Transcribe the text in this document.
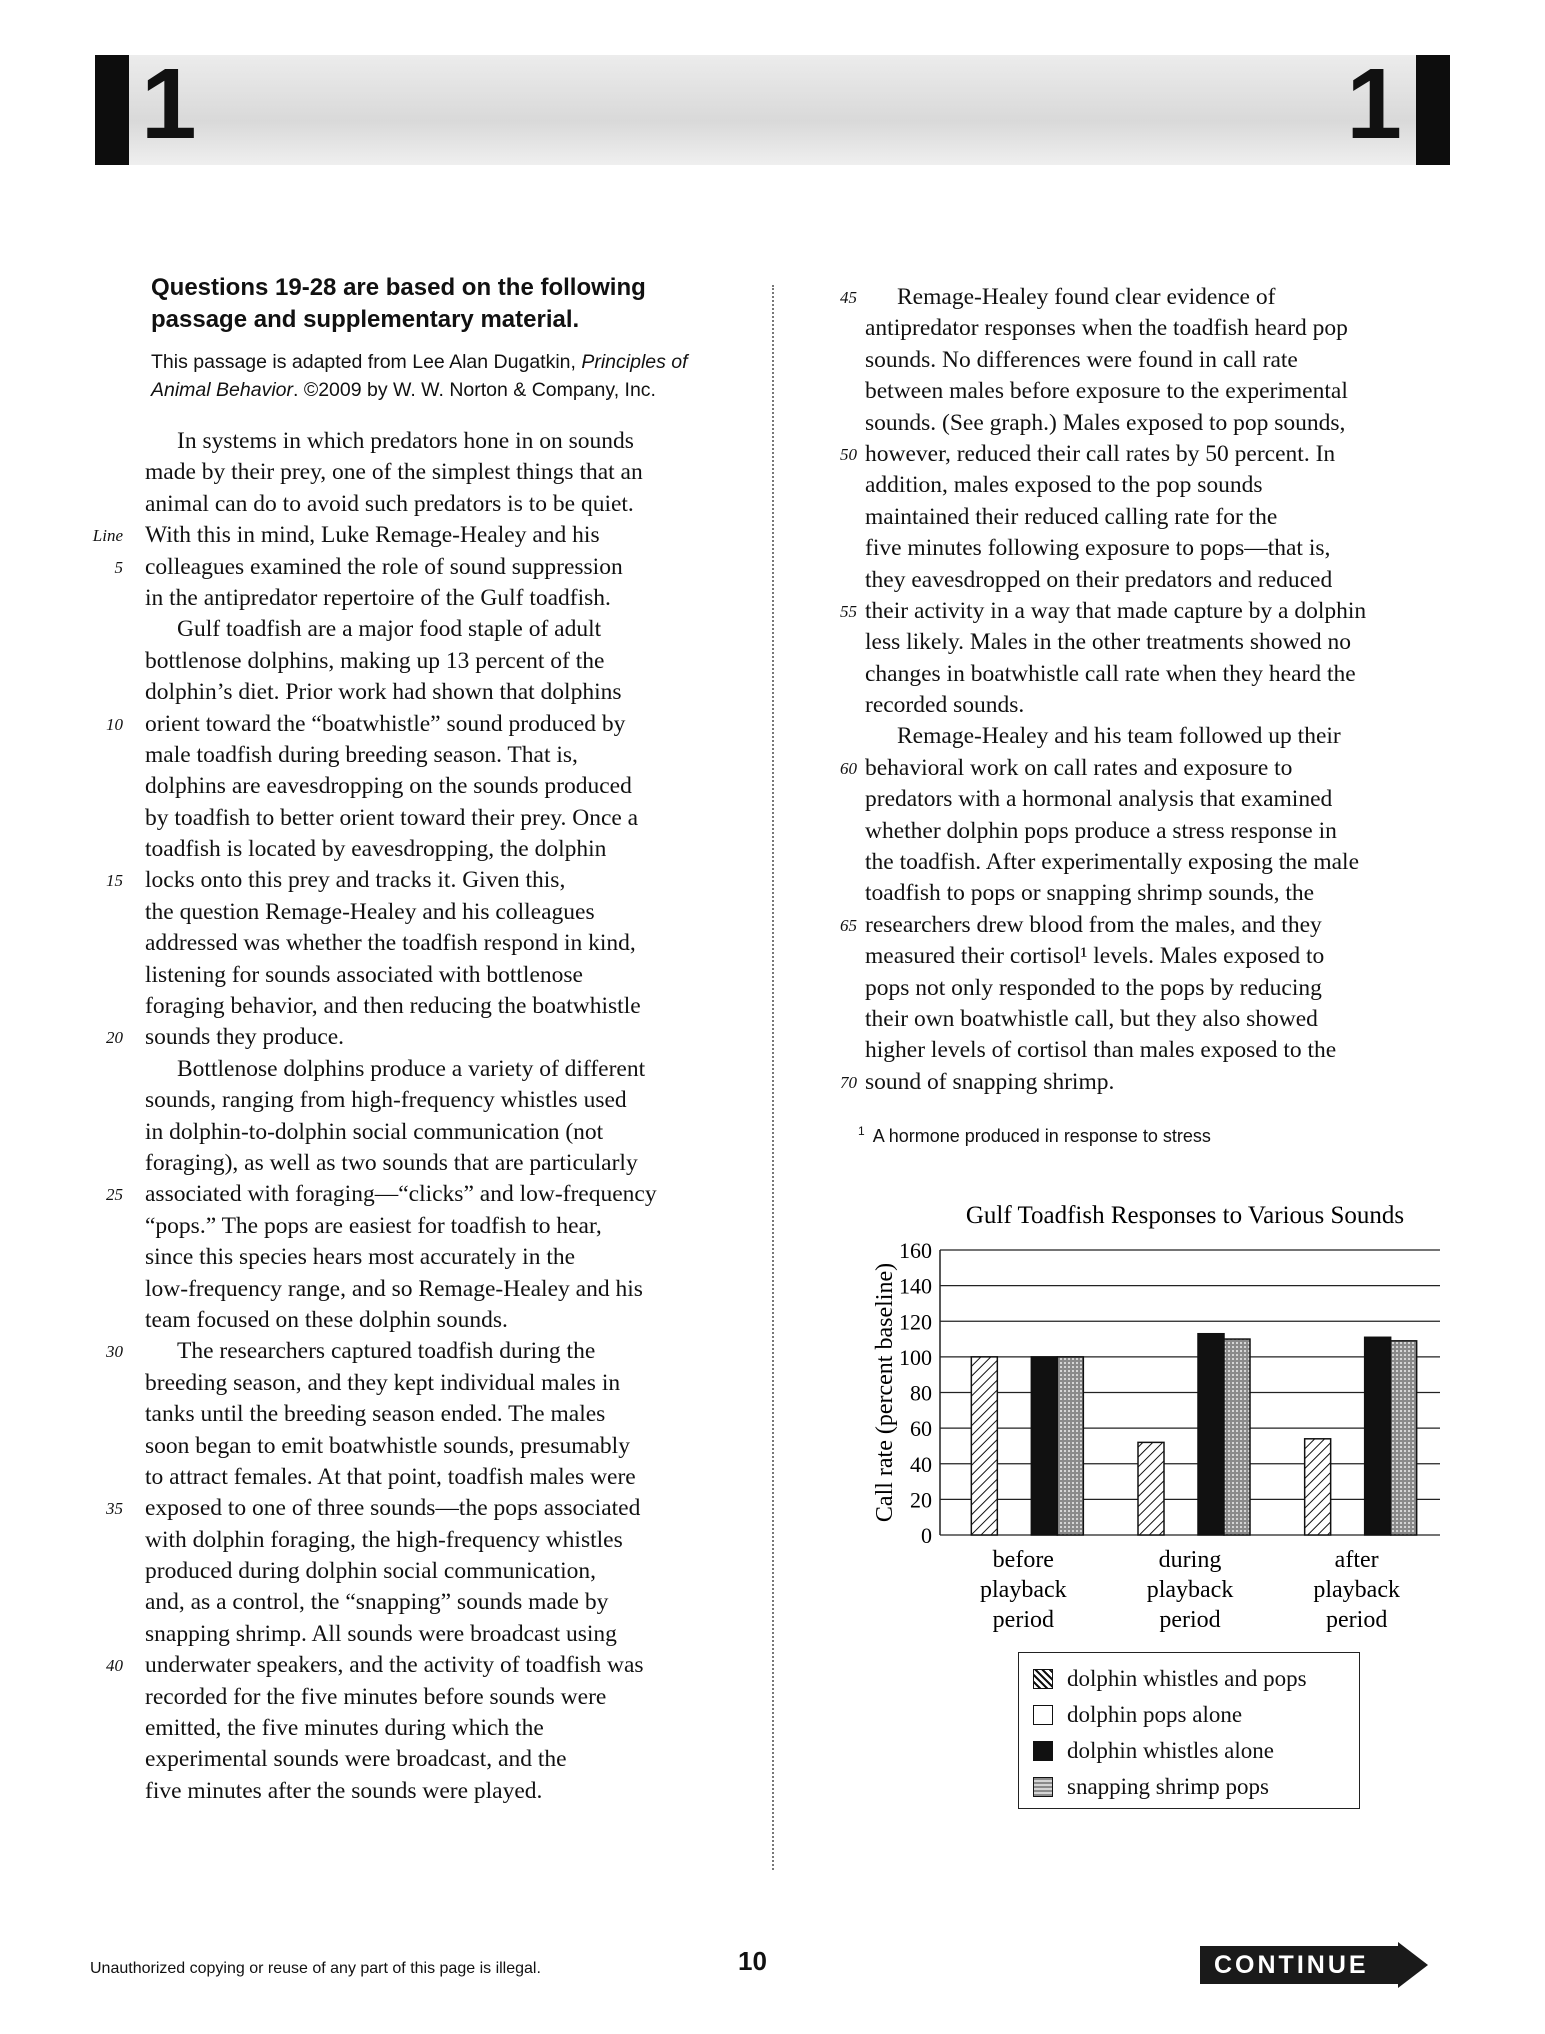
1	1
Questions 19-28 are based on the following passage and supplementary material.
This passage is adapted from Lee Alan Dugatkin, Principles of Animal Behavior. ©2009 by W. W. Norton & Company, Inc.
In systems in which predators hone in on sounds
made by their prey, one of the simplest things that an
animal can do to avoid such predators is to be quiet.
Line With this in mind, Luke Remage-Healey and his
5 colleagues examined the role of sound suppression
in the antipredator repertoire of the Gulf toadfish.
Gulf toadfish are a major food staple of adult
bottlenose dolphins, making up 13 percent of the
dolphin’s diet. Prior work had shown that dolphins
10 orient toward the “boatwhistle” sound produced by
male toadfish during breeding season. That is,
dolphins are eavesdropping on the sounds produced
by toadfish to better orient toward their prey. Once a
toadfish is located by eavesdropping, the dolphin
15 locks onto this prey and tracks it. Given this,
the question Remage-Healey and his colleagues
addressed was whether the toadfish respond in kind,
listening for sounds associated with bottlenose
foraging behavior, and then reducing the boatwhistle
20 sounds they produce.
Bottlenose dolphins produce a variety of different
sounds, ranging from high-frequency whistles used
in dolphin-to-dolphin social communication (not
foraging), as well as two sounds that are particularly
25 associated with foraging—“clicks” and low-frequency
“pops.” The pops are easiest for toadfish to hear,
since this species hears most accurately in the
low-frequency range, and so Remage-Healey and his
team focused on these dolphin sounds.
30 The researchers captured toadfish during the
breeding season, and they kept individual males in
tanks until the breeding season ended. The males
soon began to emit boatwhistle sounds, presumably
to attract females. At that point, toadfish males were
35 exposed to one of three sounds—the pops associated
with dolphin foraging, the high-frequency whistles
produced during dolphin social communication,
and, as a control, the “snapping” sounds made by
snapping shrimp. All sounds were broadcast using
40 underwater speakers, and the activity of toadfish was
recorded for the five minutes before sounds were
emitted, the five minutes during which the
experimental sounds were broadcast, and the
five minutes after the sounds were played.
45 Remage-Healey found clear evidence of
antipredator responses when the toadfish heard pop
sounds. No differences were found in call rate
between males before exposure to the experimental
sounds. (See graph.) Males exposed to pop sounds,
50 however, reduced their call rates by 50 percent. In
addition, males exposed to the pop sounds
maintained their reduced calling rate for the
five minutes following exposure to pops—that is,
they eavesdropped on their predators and reduced
55 their activity in a way that made capture by a dolphin
less likely. Males in the other treatments showed no
changes in boatwhistle call rate when they heard the
recorded sounds.
Remage-Healey and his team followed up their
60 behavioral work on call rates and exposure to
predators with a hormonal analysis that examined
whether dolphin pops produce a stress response in
the toadfish. After experimentally exposing the male
toadfish to pops or snapping shrimp sounds, the
65 researchers drew blood from the males, and they
measured their cortisol¹ levels. Males exposed to
pops not only responded to the pops by reducing
their own boatwhistle call, but they also showed
higher levels of cortisol than males exposed to the
70 sound of snapping shrimp.
$^1$ A hormone produced in response to stress
Gulf Toadfish Responses to Various Sounds
Call rate (percent baseline)
0
20
40
60
80
100
120
140
160
before
playback
period
during
playback
period
after
playback
period
dolphin whistles and pops
dolphin pops alone
dolphin whistles alone
snapping shrimp pops
Unauthorized copying or reuse of any part of this page is illegal.	10	CONTINUE
